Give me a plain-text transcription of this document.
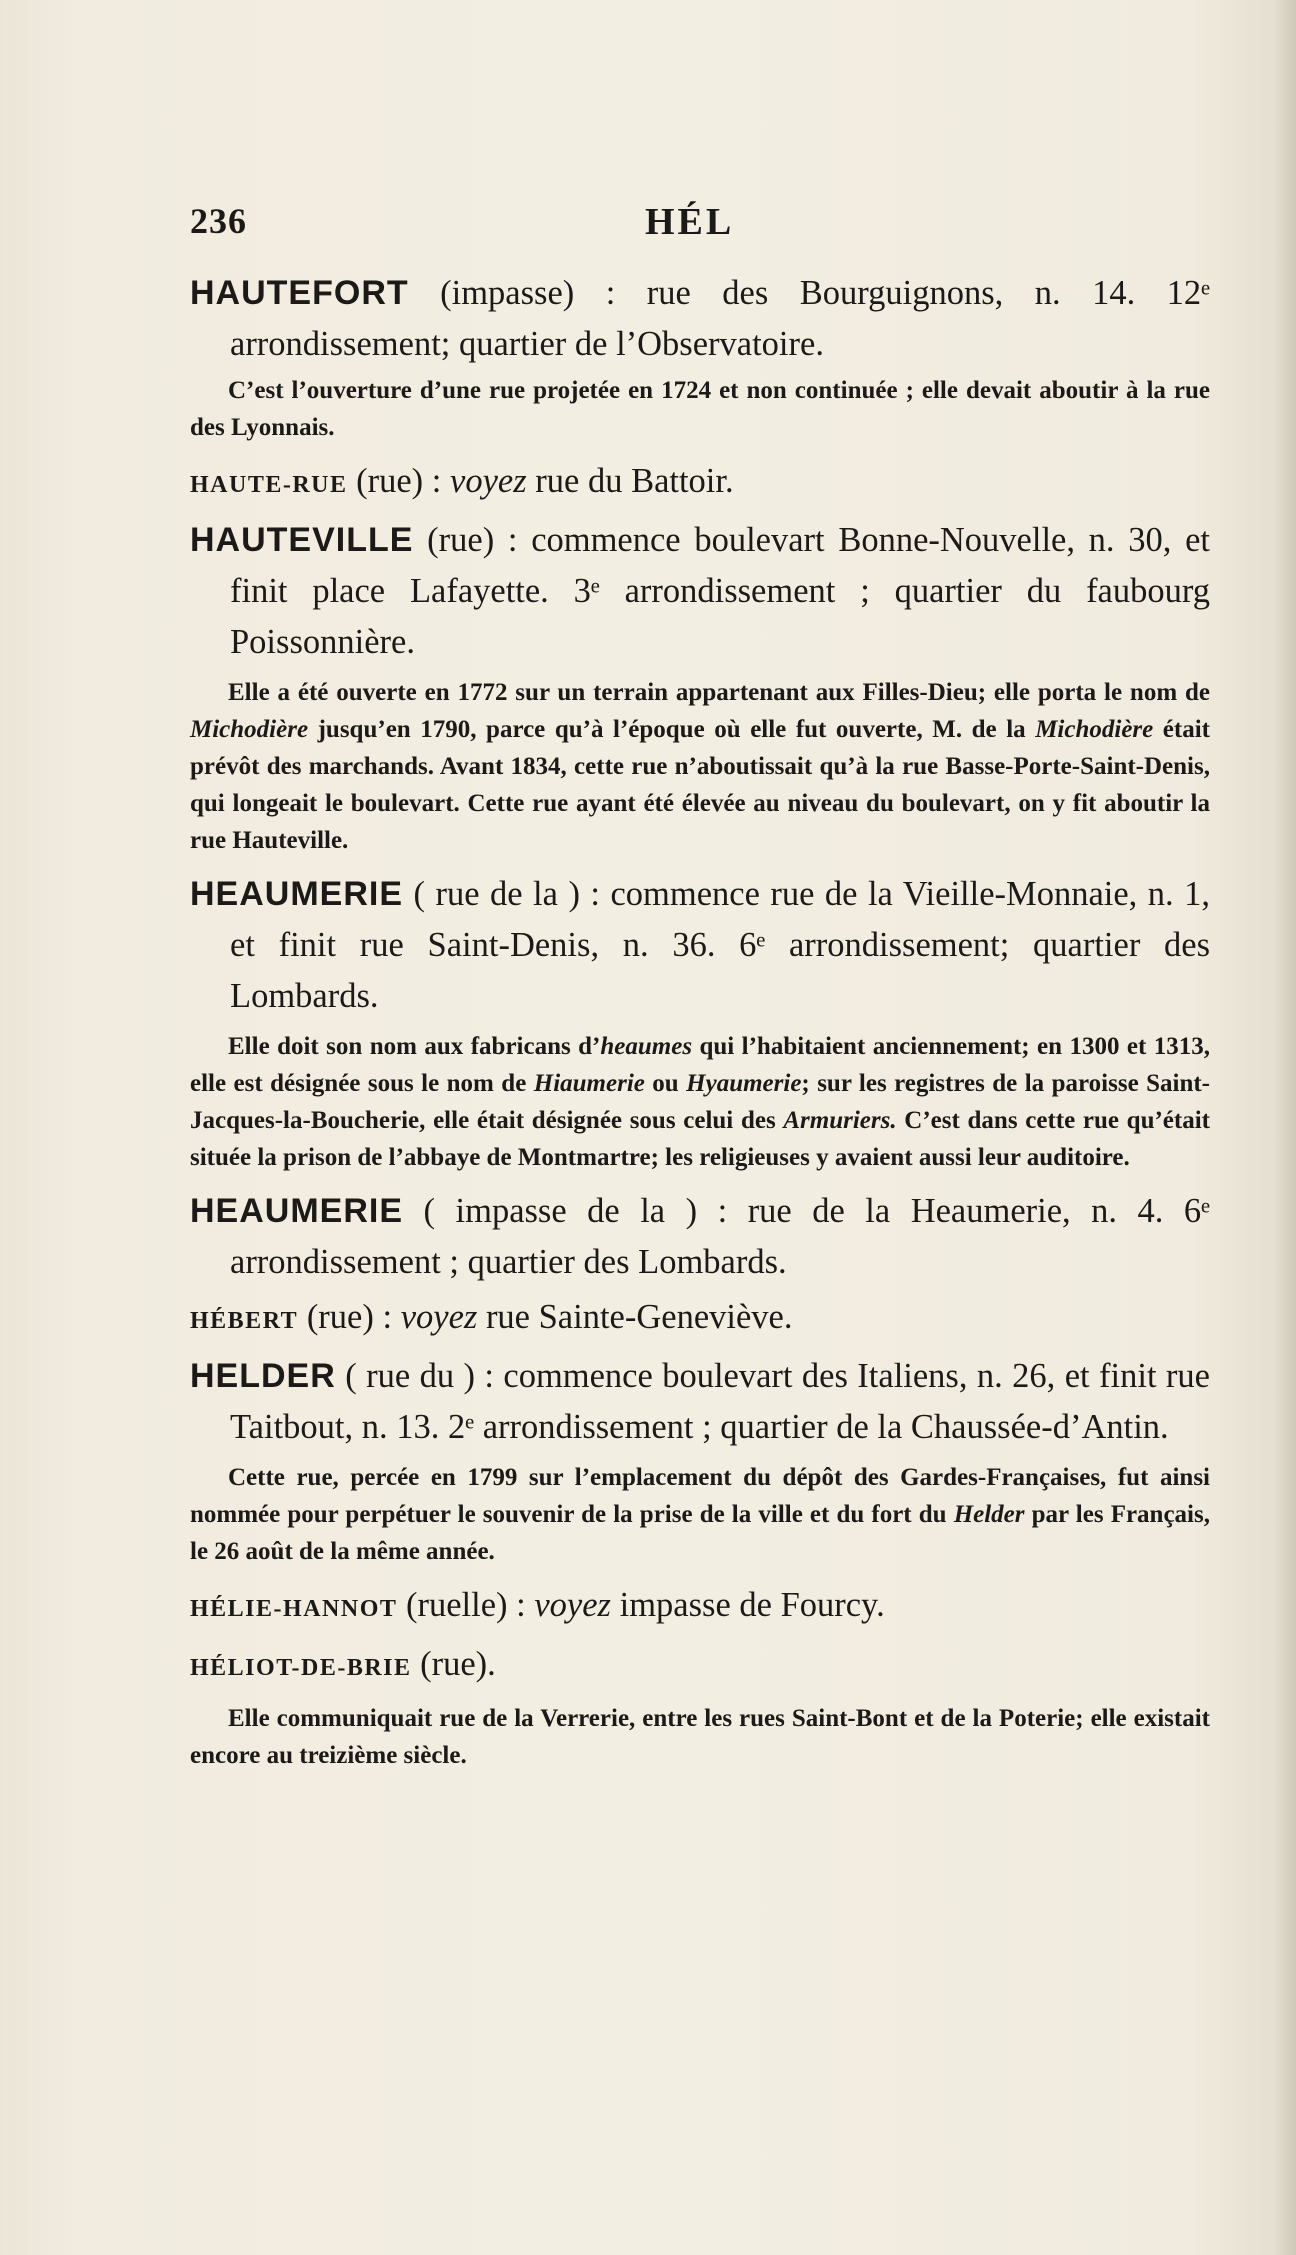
236	HÉL

HAUTEFORT (impasse) : rue des Bourguignons, n. 14. 12ᵉ arrondissement; quartier de l’Observatoire.

C’est l’ouverture d’une rue projetée en 1724 et non continuée ; elle devait aboutir à la rue des Lyonnais.

HAUTE-RUE (rue) : voyez rue du Battoir.

HAUTEVILLE (rue) : commence boulevart Bonne-Nouvelle, n. 30, et finit place Lafayette. 3ᵉ arrondissement ; quartier du faubourg Poissonnière.

Elle a été ouverte en 1772 sur un terrain appartenant aux Filles-Dieu; elle porta le nom de Michodière jusqu’en 1790, parce qu’à l’époque où elle fut ouverte, M. de la Michodière était prévôt des marchands. Avant 1834, cette rue n’aboutissait qu’à la rue Basse-Porte-Saint-Denis, qui longeait le boulevart. Cette rue ayant été élevée au niveau du boulevart, on y fit aboutir la rue Hauteville.

HEAUMERIE ( rue de la ) : commence rue de la Vieille-Monnaie, n. 1, et finit rue Saint-Denis, n. 36. 6ᵉ arrondissement; quartier des Lombards.

Elle doit son nom aux fabricans d’heaumes qui l’habitaient anciennement; en 1300 et 1313, elle est désignée sous le nom de Hiaumerie ou Hyaumerie; sur les registres de la paroisse Saint-Jacques-la-Boucherie, elle était désignée sous celui des Armuriers. C’est dans cette rue qu’était située la prison de l’abbaye de Montmartre; les religieuses y avaient aussi leur auditoire.

HEAUMERIE ( impasse de la ) : rue de la Heaumerie, n. 4. 6ᵉ arrondissement ; quartier des Lombards.

HÉBERT (rue) : voyez rue Sainte-Geneviève.

HELDER ( rue du ) : commence boulevart des Italiens, n. 26, et finit rue Taitbout, n. 13. 2ᵉ arrondissement ; quartier de la Chaussée-d’Antin.

Cette rue, percée en 1799 sur l’emplacement du dépôt des Gardes-Françaises, fut ainsi nommée pour perpétuer le souvenir de la prise de la ville et du fort du Helder par les Français, le 26 août de la même année.

HÉLIE-HANNOT (ruelle) : voyez impasse de Fourcy.

HÉLIOT-DE-BRIE (rue).

Elle communiquait rue de la Verrerie, entre les rues Saint-Bont et de la Poterie; elle existait encore au treizième siècle.
